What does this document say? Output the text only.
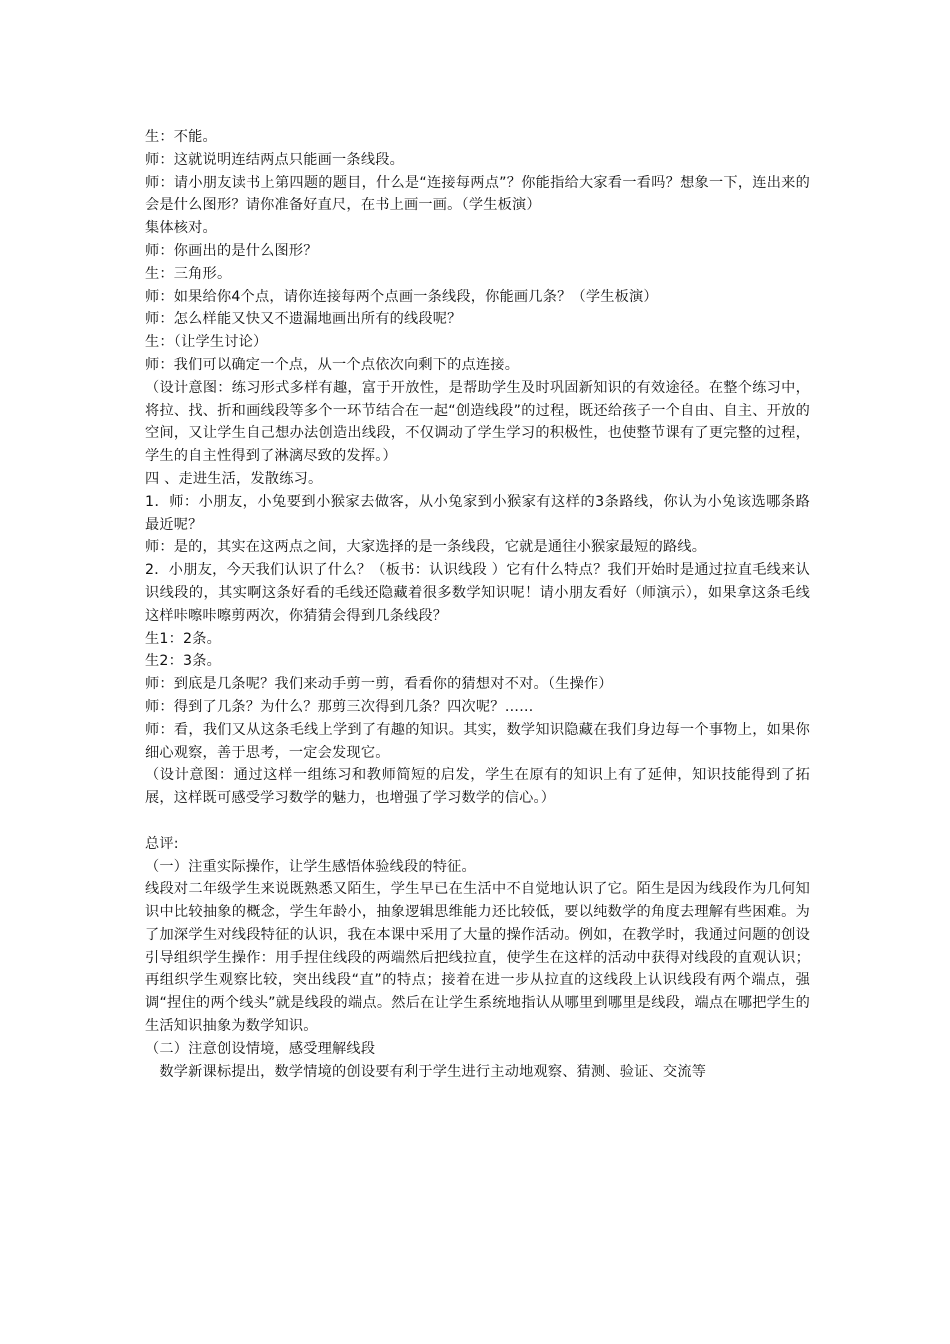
生：不能。

师：这就说明连结两点只能画一条线段。

师：请小朋友读书上第四题的题目，什么是“连接每两点”？你能指给大家看一看吗？想象一下，连出来的会是什么图形？请你准备好直尺，在书上画一画。（学生板演）

集体核对。

师：你画出的是什么图形？

生：三角形。

师：如果给你4个点，请你连接每两个点画一条线段，你能画几条？（学生板演）

师：怎么样能又快又不遗漏地画出所有的线段呢？

生：（让学生讨论）

师：我们可以确定一个点，从一个点依次向剩下的点连接。

（设计意图：练习形式多样有趣，富于开放性，是帮助学生及时巩固新知识的有效途径。在整个练习中，将拉、找、折和画线段等多个一环节结合在一起“创造线段”的过程，既还给孩子一个自由、自主、开放的空间，又让学生自己想办法创造出线段，不仅调动了学生学习的积极性，也使整节课有了更完整的过程，学生的自主性得到了淋漓尽致的发挥。）

四 、走进生活，发散练习。

1．师：小朋友，小兔要到小猴家去做客，从小兔家到小猴家有这样的3条路线，你认为小兔该选哪条路最近呢？

师：是的，其实在这两点之间，大家选择的是一条线段，它就是通往小猴家最短的路线。

2．小朋友，今天我们认识了什么？（板书：认识线段 ）它有什么特点？我们开始时是通过拉直毛线来认识线段的，其实啊这条好看的毛线还隐藏着很多数学知识呢！请小朋友看好（师演示），如果拿这条毛线这样咔嚓咔嚓剪两次，你猜猜会得到几条线段？

生1：2条。

生2：3条。

师：到底是几条呢？我们来动手剪一剪，看看你的猜想对不对。（生操作）

师：得到了几条？为什么？那剪三次得到几条？四次呢？……

师：看，我们又从这条毛线上学到了有趣的知识。其实，数学知识隐藏在我们身边每一个事物上，如果你细心观察，善于思考，一定会发现它。

（设计意图：通过这样一组练习和教师简短的启发，学生在原有的知识上有了延伸，知识技能得到了拓展，这样既可感受学习数学的魅力，也增强了学习数学的信心。）

总评:

（一）注重实际操作，让学生感悟体验线段的特征。

线段对二年级学生来说既熟悉又陌生，学生早已在生活中不自觉地认识了它。陌生是因为线段作为几何知识中比较抽象的概念，学生年龄小，抽象逻辑思维能力还比较低，要以纯数学的角度去理解有些困难。为了加深学生对线段特征的认识，我在本课中采用了大量的操作活动。例如，在教学时，我通过问题的创设引导组织学生操作：用手捏住线段的两端然后把线拉直，使学生在这样的活动中获得对线段的直观认识；再组织学生观察比较，突出线段“直”的特点；接着在进一步从拉直的这线段上认识线段有两个端点，强调“捏住的两个线头”就是线段的端点。然后在让学生系统地指认从哪里到哪里是线段，端点在哪把学生的生活知识抽象为数学知识。

（二）注意创设情境，感受理解线段

　数学新课标提出，数学情境的创设要有利于学生进行主动地观察、猜测、验证、交流等
